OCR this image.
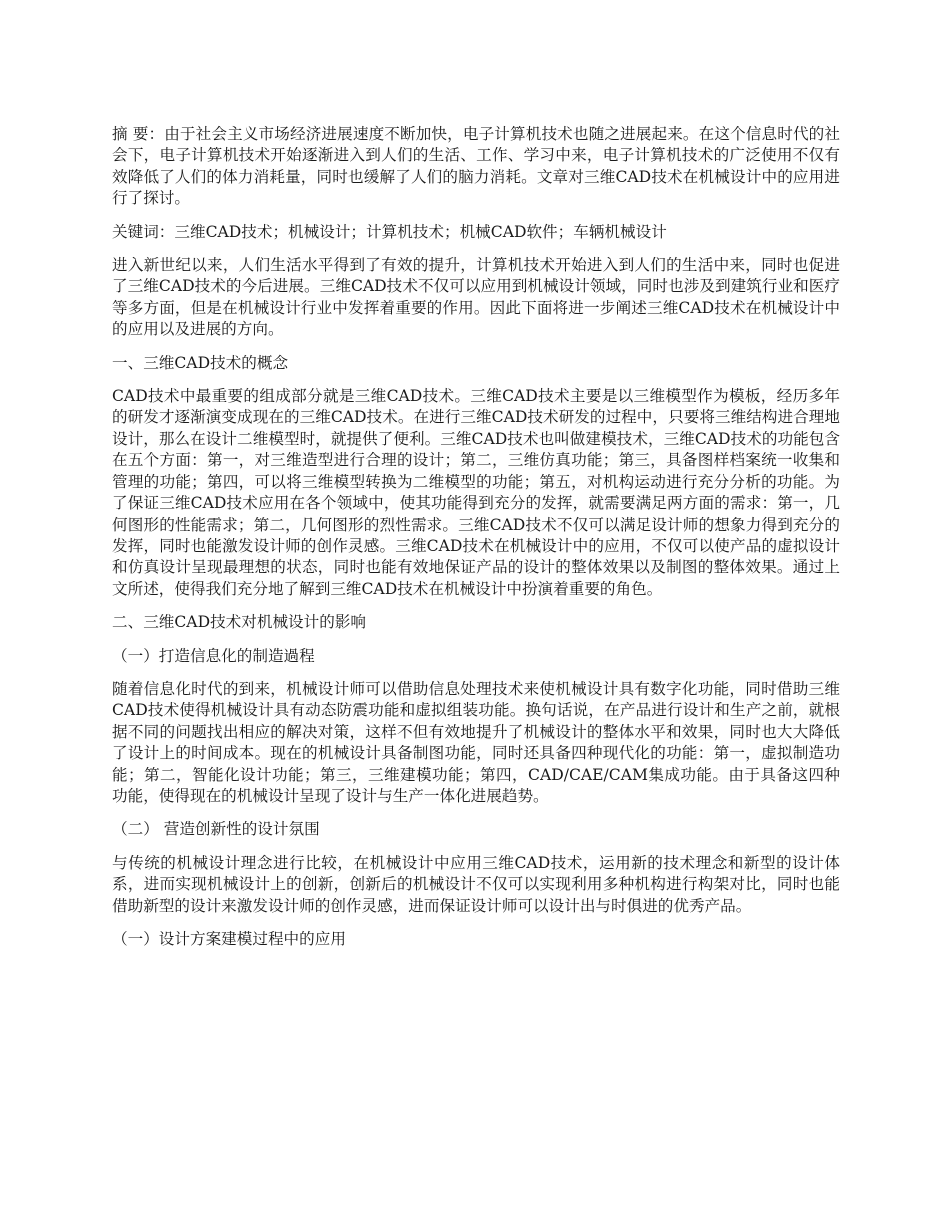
摘 要：由于社会主义市场经济进展速度不断加快，电子计算机技术也随之进展起来。在这个信息时代的社会下，电子计算机技术开始逐渐进入到人们的生活、工作、学习中来，电子计算机技术的广泛使用不仅有效降低了人们的体力消耗量，同时也缓解了人们的脑力消耗。文章对三维CAD技术在机械设计中的应用进行了探讨。

关键词：三维CAD技术；机械设计；计算机技术；机械CAD软件；车辆机械设计

进入新世纪以来，人们生活水平得到了有效的提升，计算机技术开始进入到人们的生活中来，同时也促进了三维CAD技术的今后进展。三维CAD技术不仅可以应用到机械设计领域，同时也涉及到建筑行业和医疗等多方面，但是在机械设计行业中发挥着重要的作用。因此下面将进一步阐述三维CAD技术在机械设计中的应用以及进展的方向。

一、三维CAD技术的概念

CAD技术中最重要的组成部分就是三维CAD技术。三维CAD技术主要是以三维模型作为模板，经历多年的研发才逐渐演变成现在的三维CAD技术。在进行三维CAD技术研发的过程中，只要将三维结构进合理地设计，那么在设计二维模型时，就提供了便利。三维CAD技术也叫做建模技术，三维CAD技术的功能包含在五个方面：第一，对三维造型进行合理的设计；第二，三维仿真功能；第三，具备图样档案统一收集和管理的功能；第四，可以将三维模型转换为二维模型的功能；第五，对机构运动进行充分分析的功能。为了保证三维CAD技术应用在各个领域中，使其功能得到充分的发挥，就需要满足两方面的需求：第一，几何图形的性能需求；第二，几何图形的烈性需求。三维CAD技术不仅可以满足设计师的想象力得到充分的发挥，同时也能激发设计师的创作灵感。三维CAD技术在机械设计中的应用，不仅可以使产品的虚拟设计和仿真设计呈现最理想的状态，同时也能有效地保证产品的设计的整体效果以及制图的整体效果。通过上文所述，使得我们充分地了解到三维CAD技术在机械设计中扮演着重要的角色。

二、三维CAD技术对机械设计的影响

（一）打造信息化的制造過程

随着信息化时代的到来，机械设计师可以借助信息处理技术来使机械设计具有数字化功能，同时借助三维CAD技术使得机械设计具有动态防震功能和虚拟组装功能。换句话说，在产品进行设计和生产之前，就根据不同的问题找出相应的解决对策，这样不但有效地提升了机械设计的整体水平和效果，同时也大大降低了设计上的时间成本。现在的机械设计具备制图功能，同时还具备四种现代化的功能：第一，虚拟制造功能；第二，智能化设计功能；第三，三维建模功能；第四，CAD/CAE/CAM集成功能。由于具备这四种功能，使得现在的机械设计呈现了设计与生产一体化进展趋势。

（二） 营造创新性的设计氛围

与传统的机械设计理念进行比较，在机械设计中应用三维CAD技术，运用新的技术理念和新型的设计体系，进而实现机械设计上的创新，创新后的机械设计不仅可以实现利用多种机构进行构架对比，同时也能借助新型的设计来激发设计师的创作灵感，进而保证设计师可以设计出与时俱进的优秀产品。

（一）设计方案建模过程中的应用
